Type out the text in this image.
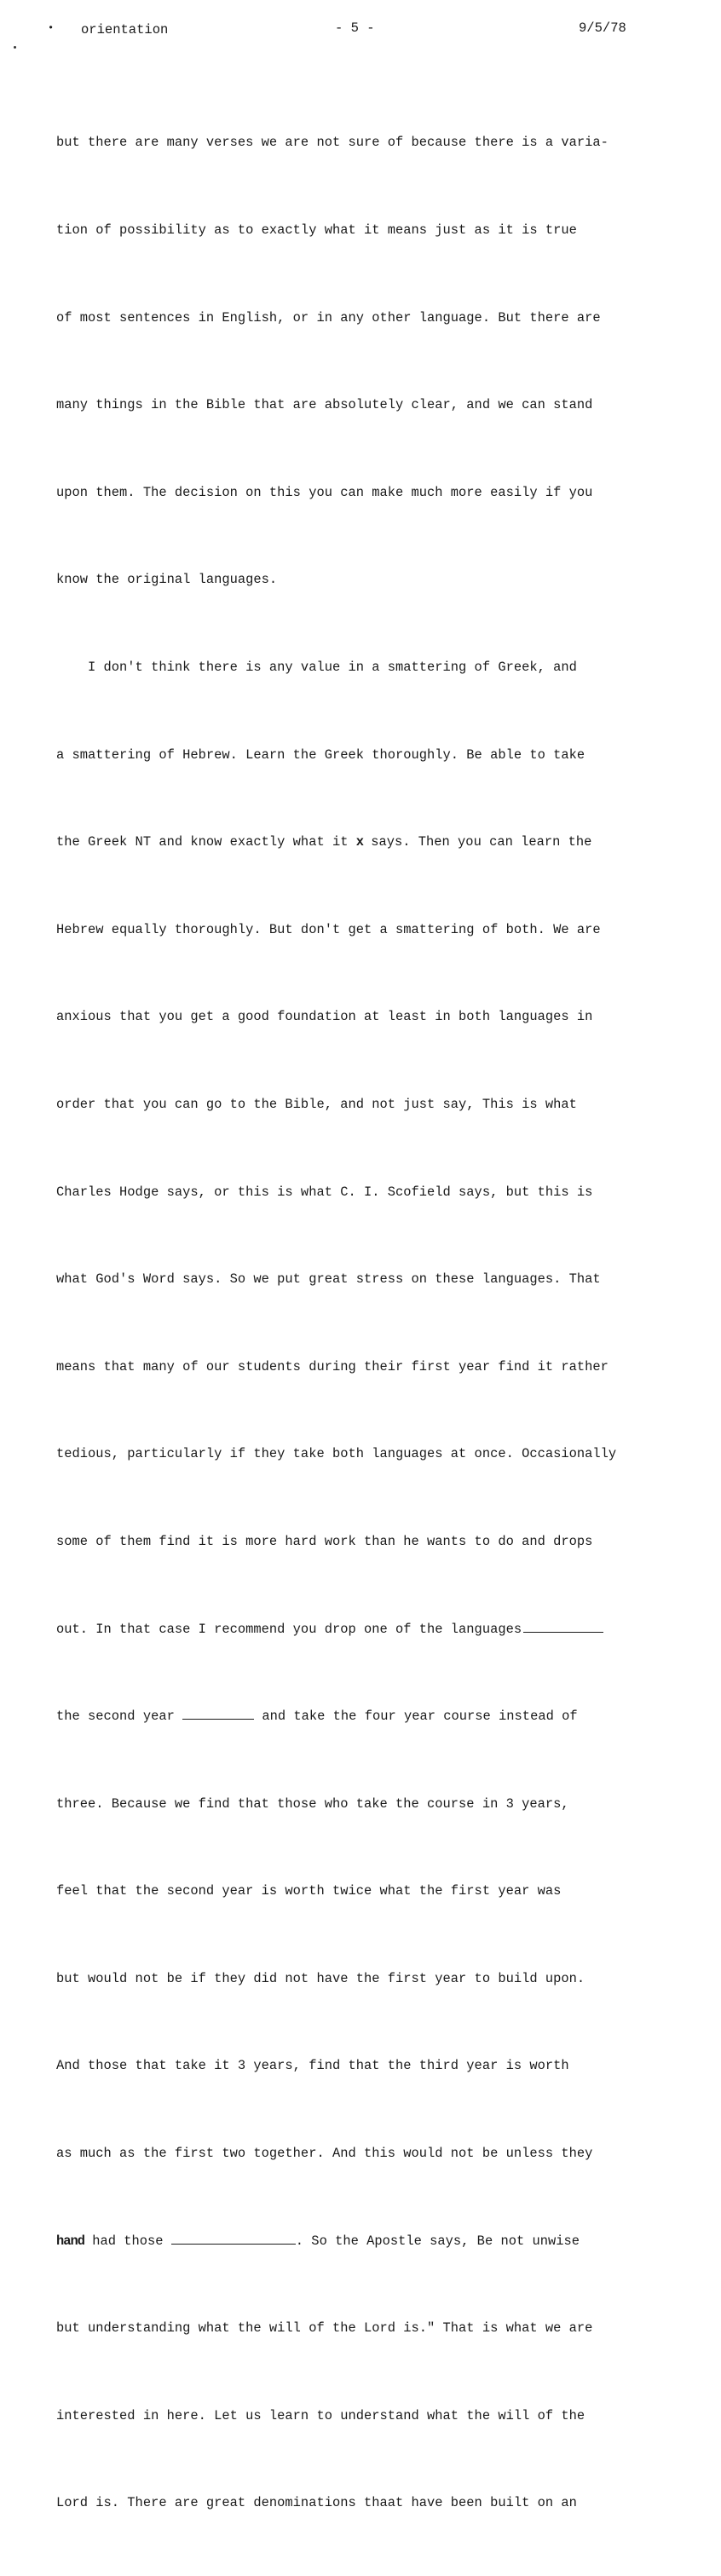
• orientation	- 5 -	9/5/78

but there are many verses we are not sure of because there is a varia-

tion of possibility as to exactly what it means just as it is true

of most sentences in English, or in any other language. But there are

many things in the Bible that are absolutely clear, and we can stand

upon them. The decision on this you can make much more easily if you

know the original languages.

I don't think there is any value in a smattering of Greek, and

a smattering of Hebrew. Learn the Greek thoroughly. Be able to take

the Greek NT and know exactly what it x says. Then you can learn the

Hebrew equally thoroughly. But don't get a smattering of both. We are

anxious that you get a good foundation at least in both languages in

order that you can go to the Bible, and not just say, This is what

Charles Hodge says, or this is what C. I. Scofield says, but this is

what God's Word says. So we put great stress on these languages. That

means that many of our students during their first year find it rather

tedious, particularly if they take both languages at once. Occasionally

some of them find it is more hard work than he wants to do and drops

out. In that case I recommend you drop one of the languages

the second year	and take the four year course instead of

three. Because we find that those who take the course in 3 years,

feel that the second year is worth twice what the first year was

but would not be if they did not have the first year to build upon.

And those that take it 3 years, find that the third year is worth

as much as the first two together. And this would not be unless they

hand had those	. So the Apostle says, Be not unwise

but understanding what the will of the Lord is." That is what we are

interested in here. Let us learn to understand what the will of the

Lord is. There are great denominations thaat have been built on an
